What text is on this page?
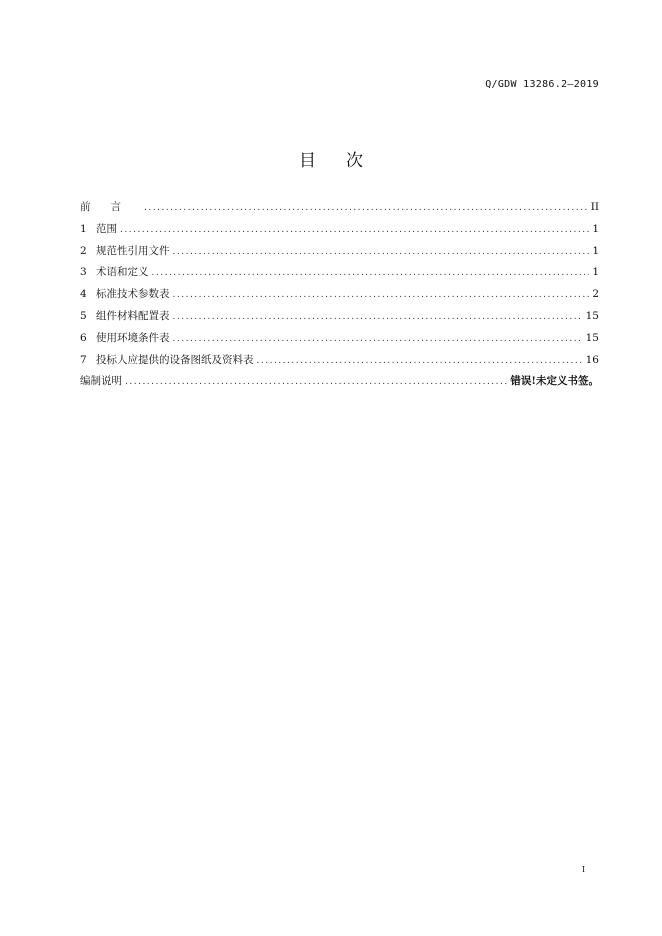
Q/GDW 13286.2—2019
目次
前言 .....	II
1 范围 .....	1
2 规范性引用文件 .....	1
3 术语和定义 .....	1
4 标准技术参数表 .....	2
5 组件材料配置表 .....	15
6 使用环境条件表 .....	15
7 投标人应提供的设备图纸及资料表 .....	16
编制说明 .....	错误!未定义书签。
I
